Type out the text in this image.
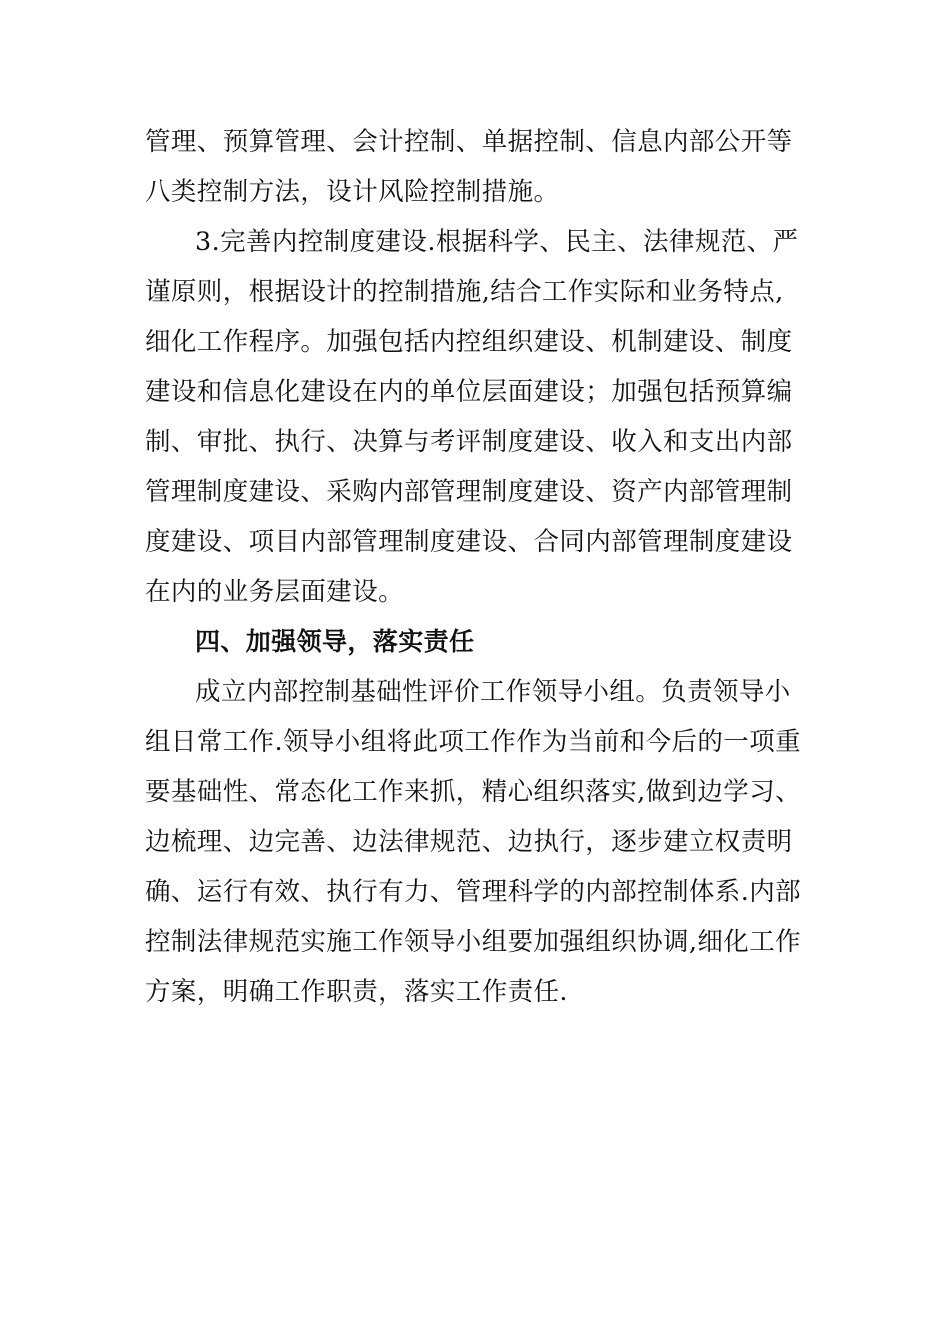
管理、预算管理、会计控制、单据控制、信息内部公开等
八类控制方法，设计风险控制措施。
3.完善内控制度建设.根据科学、民主、法律规范、严
谨原则，根据设计的控制措施,结合工作实际和业务特点,
细化工作程序。加强包括内控组织建设、机制建设、制度
建设和信息化建设在内的单位层面建设；加强包括预算编
制、审批、执行、决算与考评制度建设、收入和支出内部
管理制度建设、采购内部管理制度建设、资产内部管理制
度建设、项目内部管理制度建设、合同内部管理制度建设
在内的业务层面建设。
四、加强领导，落实责任
成立内部控制基础性评价工作领导小组。负责领导小
组日常工作.领导小组将此项工作作为当前和今后的一项重
要基础性、常态化工作来抓，精心组织落实,做到边学习、
边梳理、边完善、边法律规范、边执行，逐步建立权责明
确、运行有效、执行有力、管理科学的内部控制体系.内部
控制法律规范实施工作领导小组要加强组织协调,细化工作
方案，明确工作职责，落实工作责任.
